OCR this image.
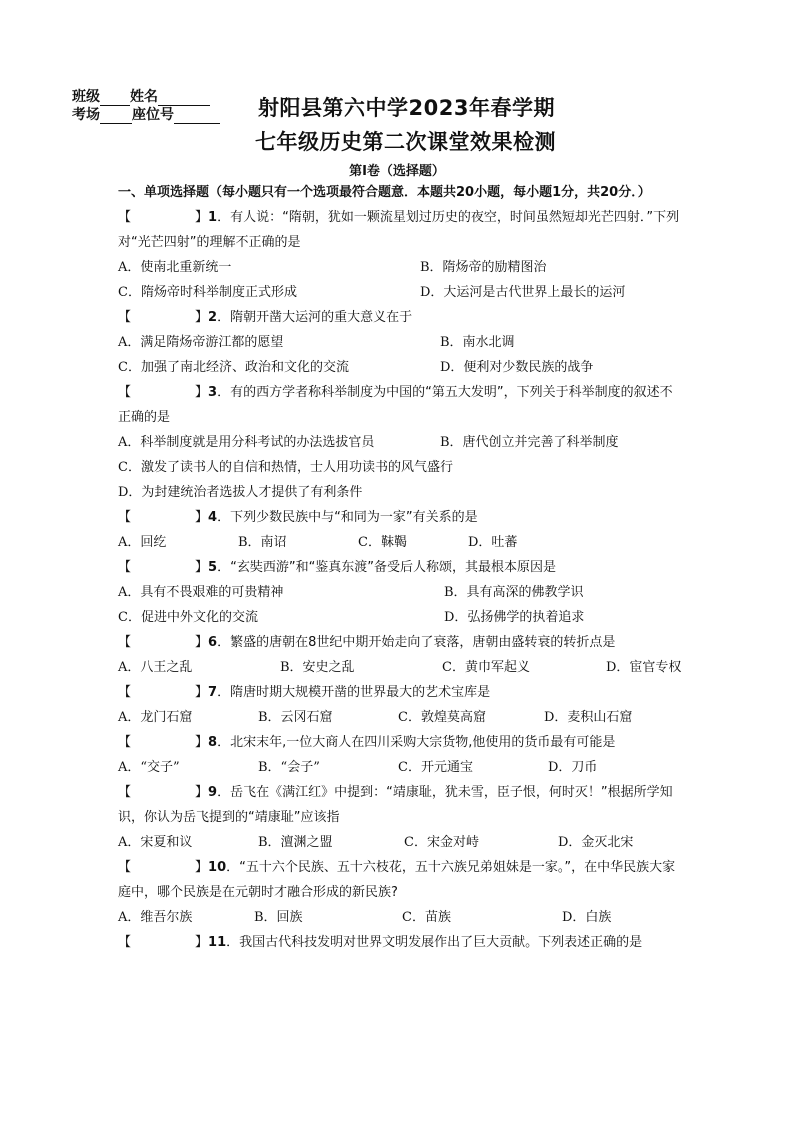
班级 姓名
考场 座位号	射阳县第六中学2023年春学期
七年级历史第二次课堂效果检测
第I卷（选择题）
一、单项选择题（每小题只有一个选项最符合题意．本题共20小题，每小题1分，共20分．）
【	】1．有人说：“隋朝，犹如一颗流星划过历史的夜空，时间虽然短却光芒四射．”下列对“光芒四射”的理解不正确的是
A．使南北重新统一	B．隋炀帝的励精图治
C．隋炀帝时科举制度正式形成	D．大运河是古代世界上最长的运河
【	】2．隋朝开凿大运河的重大意义在于
A．满足隋炀帝游江都的愿望	B．南水北调
C．加强了南北经济、政治和文化的交流	D．便利对少数民族的战争
【	】3．有的西方学者称科举制度为中国的“第五大发明”，下列关于科举制度的叙述不正确的是
A．科举制度就是用分科考试的办法选拔官员	B．唐代创立并完善了科举制度
C．激发了读书人的自信和热情，士人用功读书的风气盛行
D．为封建统治者选拔人才提供了有利条件
【	】4．下列少数民族中与“和同为一家”有关系的是
A．回纥	B．南诏	C．靺鞨	D．吐蕃
【	】5．“玄奘西游”和“鉴真东渡”备受后人称颂，其最根本原因是
A．具有不畏艰难的可贵精神	B．具有高深的佛教学识
C．促进中外文化的交流	D．弘扬佛学的执着追求
【	】6．繁盛的唐朝在8世纪中期开始走向了衰落，唐朝由盛转衰的转折点是
A．八王之乱	B．安史之乱	C．黄巾军起义	D．宦官专权
【	】7．隋唐时期大规模开凿的世界最大的艺术宝库是
A．龙门石窟	B．云冈石窟	C．敦煌莫高窟	D．麦积山石窟
【	】8．北宋末年,一位大商人在四川采购大宗货物,他使用的货币最有可能是
A．“交子”	B．“会子”	C．开元通宝	D．刀币
【	】9．岳飞在《满江红》中提到：“靖康耻，犹未雪，臣子恨，何时灭！”根据所学知识，你认为岳飞提到的“靖康耻”应该指
A．宋夏和议	B．澶渊之盟	C．宋金对峙	D．金灭北宋
【	】10．“五十六个民族、五十六枝花，五十六族兄弟姐妹是一家。”，在中华民族大家庭中，哪个民族是在元朝时才融合形成的新民族?
A．维吾尔族	B．回族	C．苗族	D．白族
【	】11．我国古代科技发明对世界文明发展作出了巨大贡献。下列表述正确的是
